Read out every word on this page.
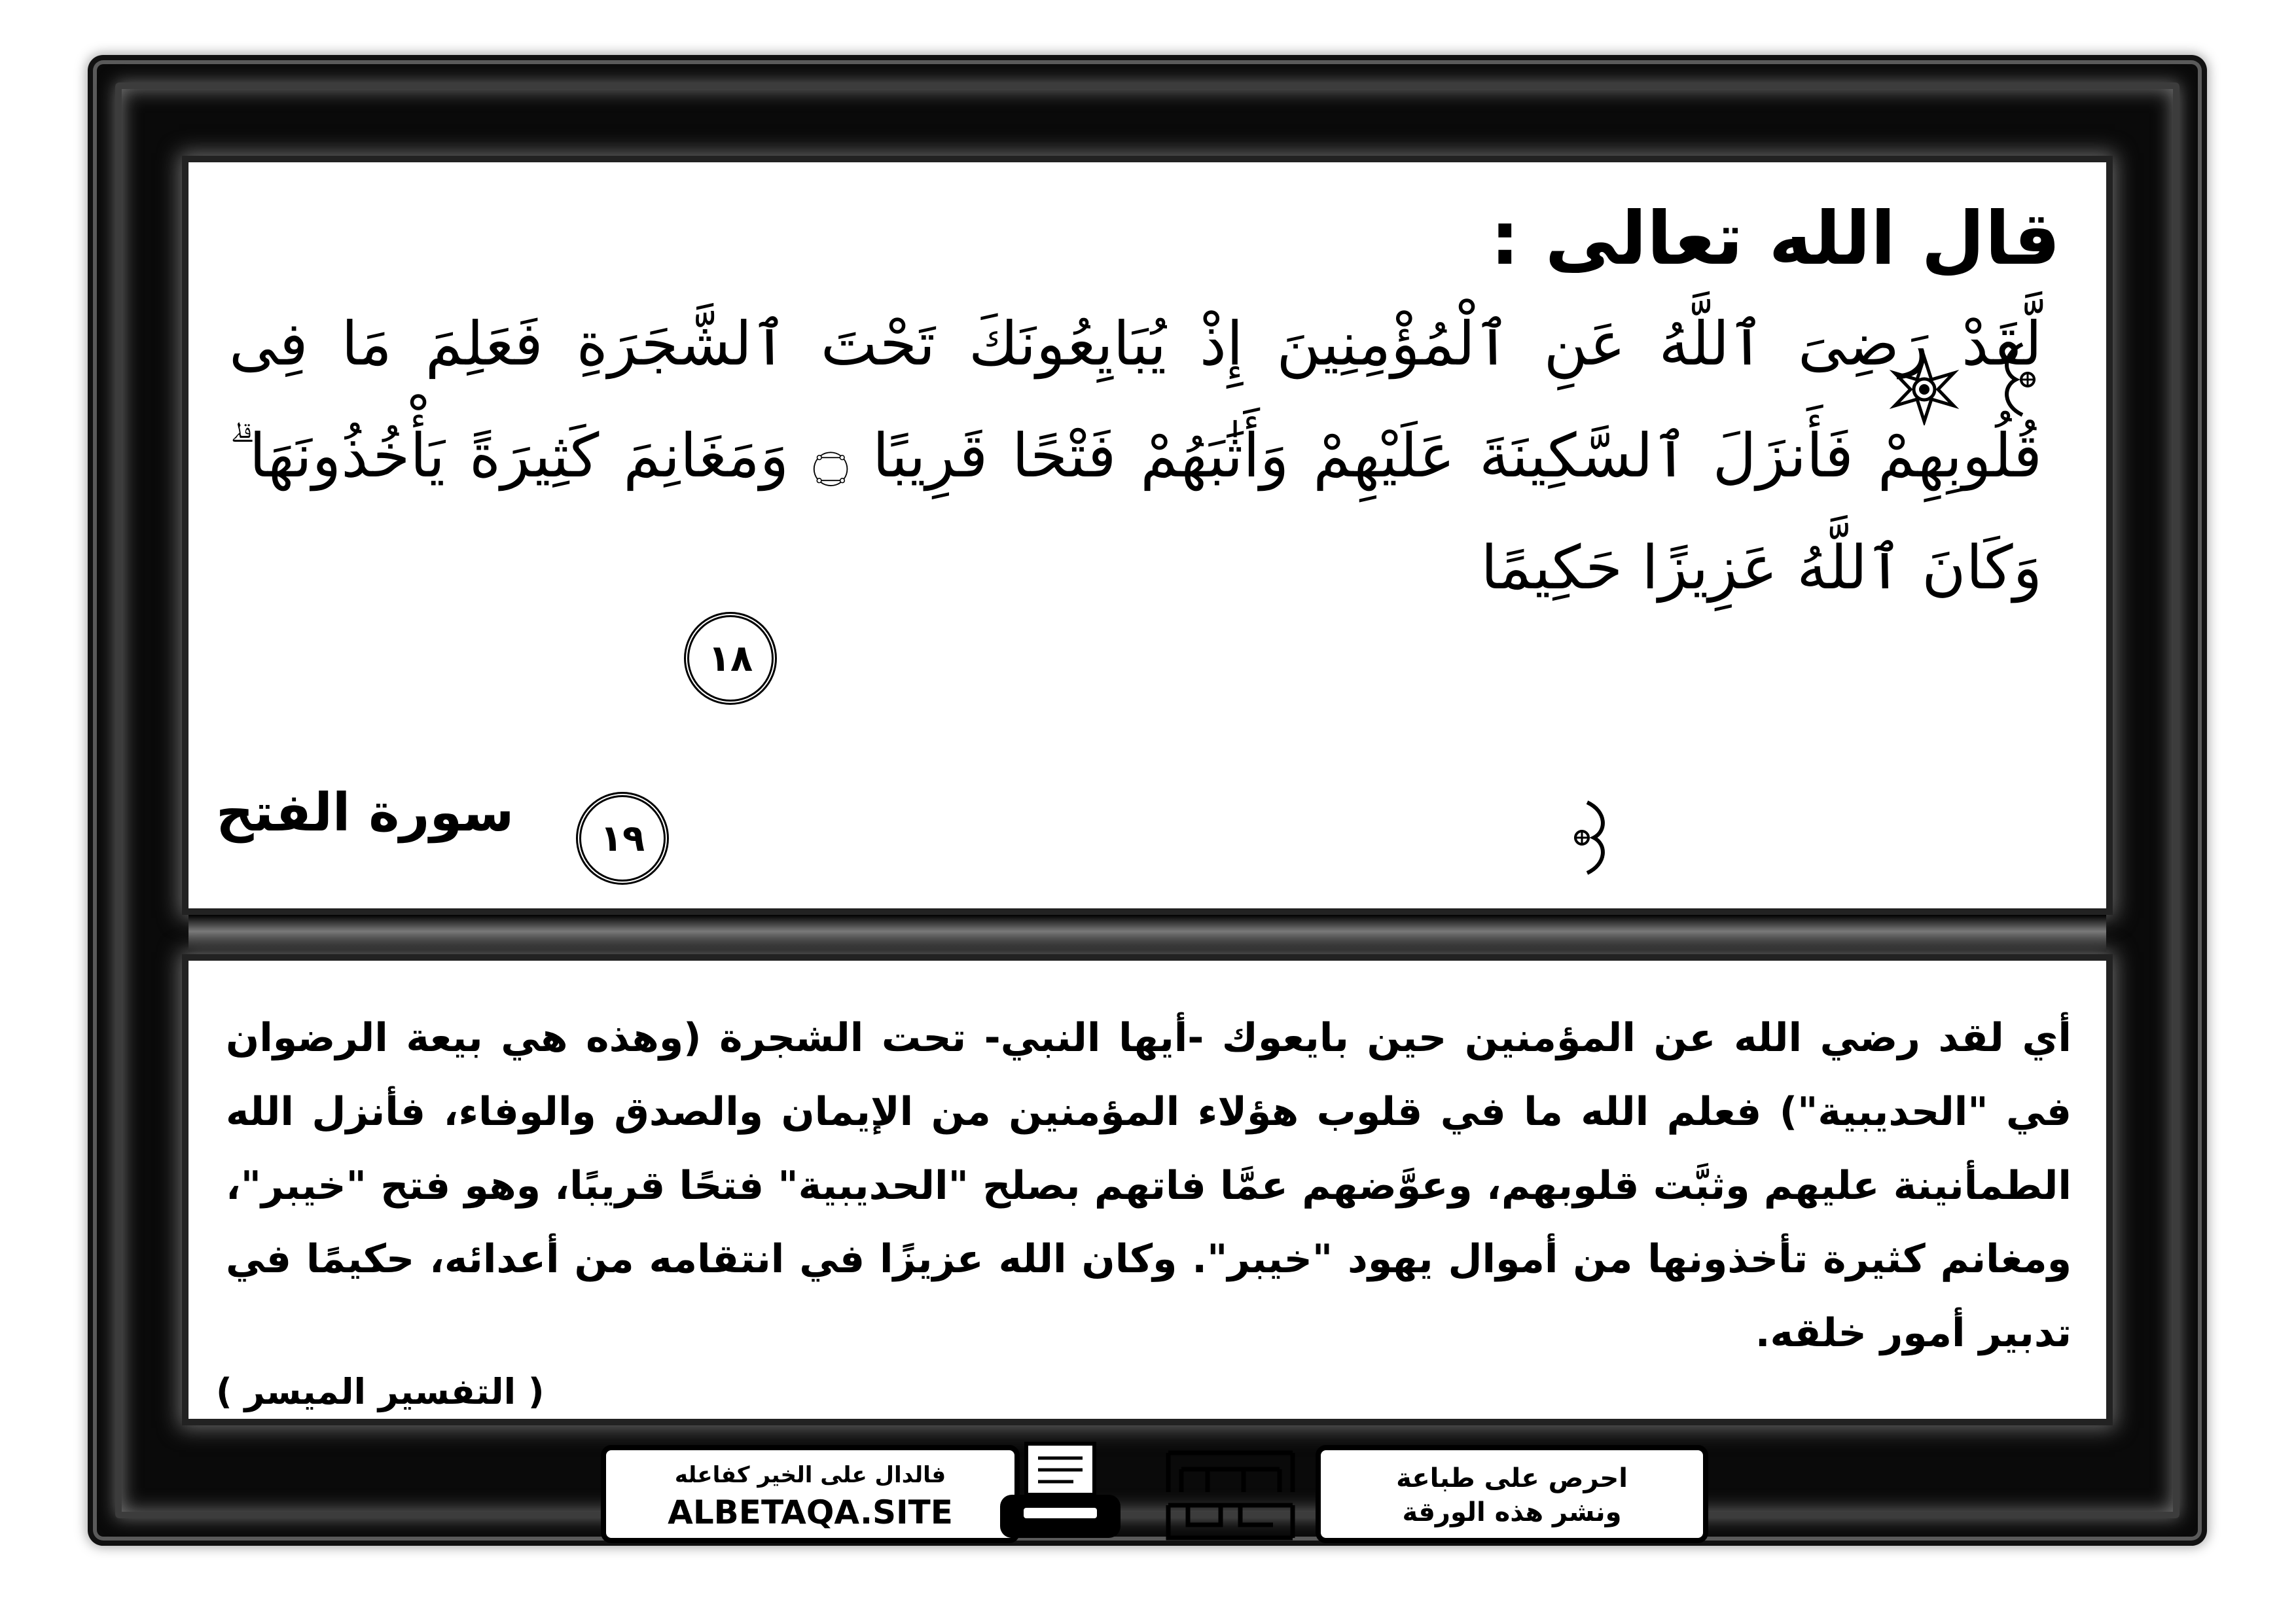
قال الله تعالى :

لَّقَدْ رَضِىَ ٱللَّهُ عَنِ ٱلْمُؤْمِنِينَ إِذْ يُبَايِعُونَكَ تَحْتَ ٱلشَّجَرَةِ فَعَلِمَ مَا فِى قُلُوبِهِمْ فَأَنزَلَ ٱلسَّكِينَةَ عَلَيْهِمْ وَأَثَٰبَهُمْ فَتْحًا قَرِيبًا ۝ وَمَغَانِمَ كَثِيرَةً يَأْخُذُونَهَا ۗ وَكَانَ ٱللَّهُ عَزِيزًا حَكِيمًا

١٨
١٩

سورة الفتح

أي لقد رضي الله عن المؤمنين حين بايعوك -أيها النبي- تحت الشجرة (وهذه هي بيعة الرضوان في "الحديبية") فعلم الله ما في قلوب هؤلاء المؤمنين من الإيمان والصدق والوفاء، فأنزل الله الطمأنينة عليهم وثبَّت قلوبهم، وعوَّضهم عمَّا فاتهم بصلح "الحديبية" فتحًا قريبًا، وهو فتح "خيبر"، ومغانم كثيرة تأخذونها من أموال يهود "خيبر". وكان الله عزيزًا في انتقامه من أعدائه، حكيمًا في تدبير أمور خلقه.

( التفسير الميسر )

فالدال على الخير كفاعله

ALBETAQA.SITE

احرص على طباعة

ونشر هذه الورقة
